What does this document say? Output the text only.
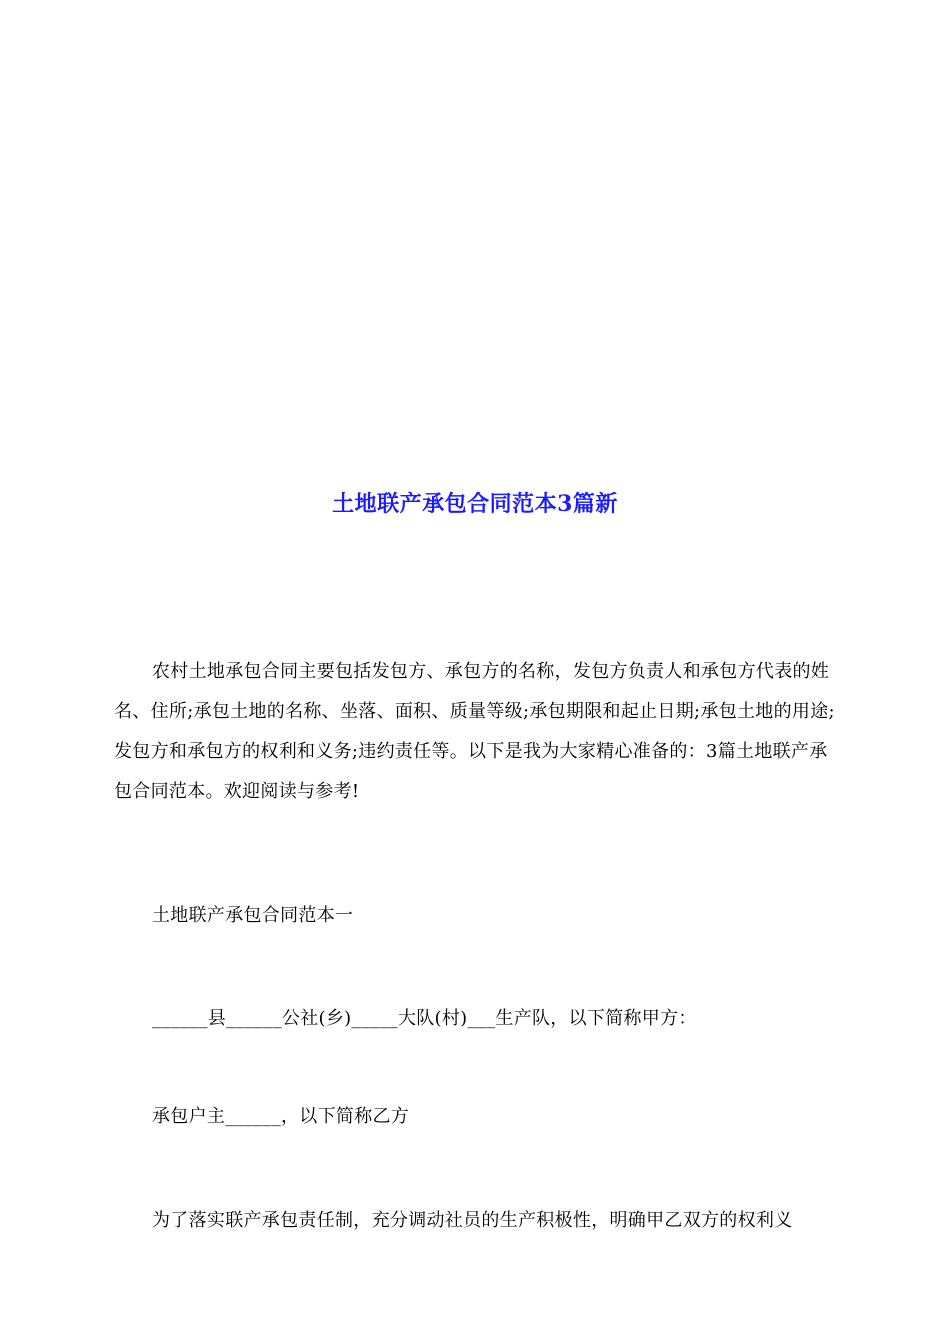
土地联产承包合同范本3篇新

农村土地承包合同主要包括发包方、承包方的名称，发包方负责人和承包方代表的姓名、住所;承包土地的名称、坐落、面积、质量等级;承包期限和起止日期;承包土地的用途;发包方和承包方的权利和义务;违约责任等。以下是我为大家精心准备的：3篇土地联产承包合同范本。欢迎阅读与参考!

土地联产承包合同范本一
______县______公社(乡)_____大队(村)___生产队，以下简称甲方：
承包户主______，以下简称乙方
为了落实联产承包责任制，充分调动社员的生产积极性，明确甲乙双方的权利义
